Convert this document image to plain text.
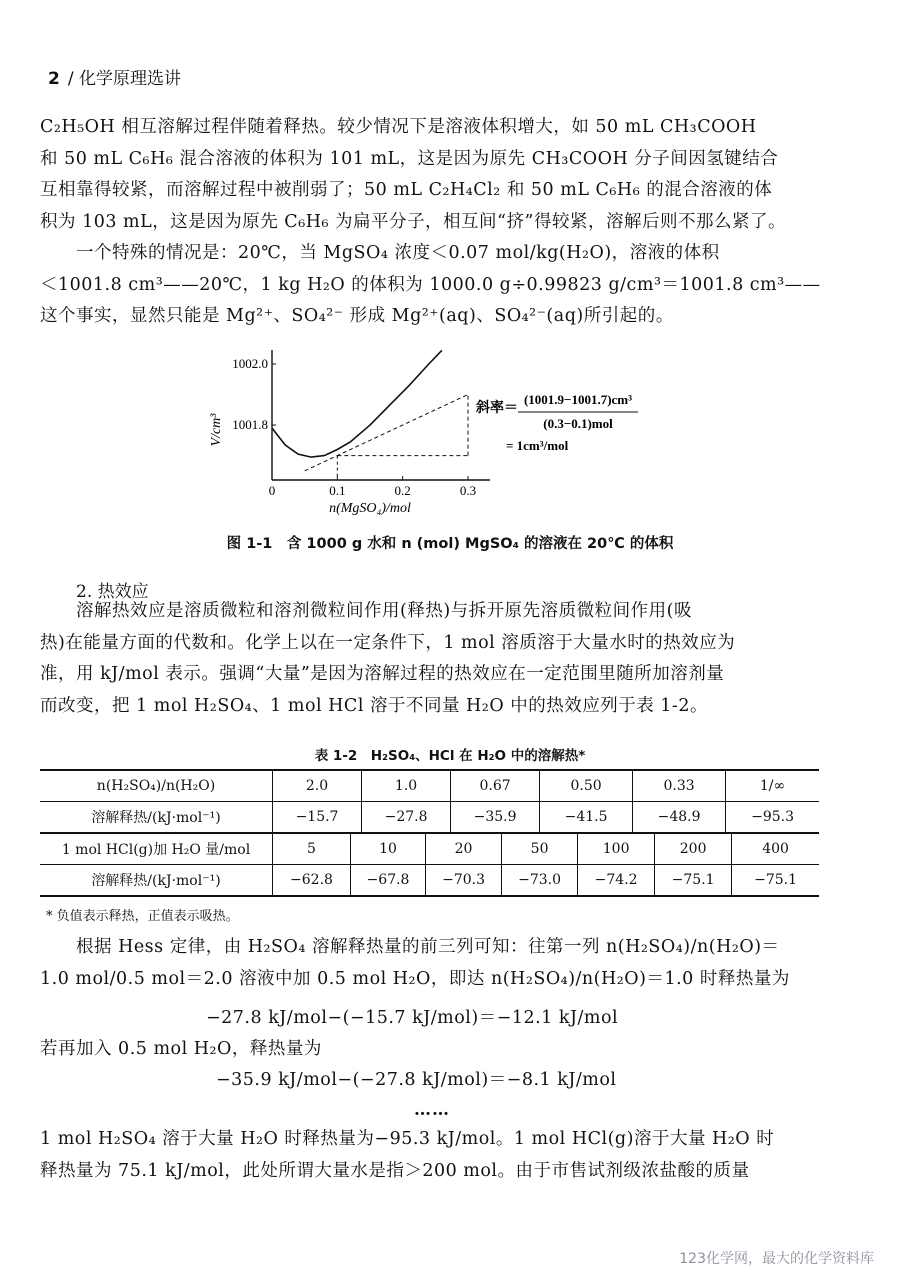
2 / 化学原理选讲
C₂H₅OH 相互溶解过程伴随着释热。较少情况下是溶液体积增大，如 50 mL CH₃COOH
和 50 mL C₆H₆ 混合溶液的体积为 101 mL，这是因为原先 CH₃COOH 分子间因氢键结合
互相靠得较紧，而溶解过程中被削弱了；50 mL C₂H₄Cl₂ 和 50 mL C₆H₆ 的混合溶液的体
积为 103 mL，这是因为原先 C₆H₆ 为扁平分子，相互间“挤”得较紧，溶解后则不那么紧了。
一个特殊的情况是：20℃，当 MgSO₄ 浓度＜0.07 mol/kg(H₂O)，溶液的体积
＜1001.8 cm³——20℃，1 kg H₂O 的体积为 1000.0 g÷0.99823 g/cm³＝1001.8 cm³——
这个事实，显然只能是 Mg²⁺、SO₄²⁻ 形成 Mg²⁺(aq)、SO₄²⁻(aq)所引起的。
V/cm³ 1001.8
1002.0
0	0.1	0.2	0.3
n(MgSO₄)/mol
斜率＝
(1001.9−1001.7)cm³
(0.3−0.1)mol
= 1cm³/mol
图 1-1　含 1000 g 水和 n (mol) MgSO₄ 的溶液在 20℃ 的体积
2. 热效应
溶解热效应是溶质微粒和溶剂微粒间作用(释热)与拆开原先溶质微粒间作用(吸
热)在能量方面的代数和。化学上以在一定条件下，1 mol 溶质溶于大量水时的热效应为
准，用 kJ/mol 表示。强调“大量”是因为溶解过程的热效应在一定范围里随所加溶剂量
而改变，把 1 mol H₂SO₄、1 mol HCl 溶于不同量 H₂O 中的热效应列于表 1-2。
表 1-2　H₂SO₄、HCl 在 H₂O 中的溶解热*
n(H₂SO₄)/n(H₂O)	2.0	1.0	0.67	0.50	0.33	1/∞
溶解释热/(kJ·mol⁻¹)	−15.7	−27.8	−35.9	−41.5	−48.9	−95.3
1 mol HCl(g)加 H₂O 量/mol	5	10	20	50	100	200	400
溶解释热/(kJ·mol⁻¹)	−62.8	−67.8	−70.3	−73.0	−74.2	−75.1	−75.1
* 负值表示释热，正值表示吸热。
根据 Hess 定律，由 H₂SO₄ 溶解释热量的前三列可知：往第一列 n(H₂SO₄)/n(H₂O)＝
1.0 mol/0.5 mol＝2.0 溶液中加 0.5 mol H₂O，即达 n(H₂SO₄)/n(H₂O)＝1.0 时释热量为
−27.8 kJ/mol−(−15.7 kJ/mol)＝−12.1 kJ/mol
若再加入 0.5 mol H₂O，释热量为
−35.9 kJ/mol−(−27.8 kJ/mol)＝−8.1 kJ/mol
……
1 mol H₂SO₄ 溶于大量 H₂O 时释热量为−95.3 kJ/mol。1 mol HCl(g)溶于大量 H₂O 时
释热量为 75.1 kJ/mol，此处所谓大量水是指＞200 mol。由于市售试剂级浓盐酸的质量
123化学网，最大的化学资料库
